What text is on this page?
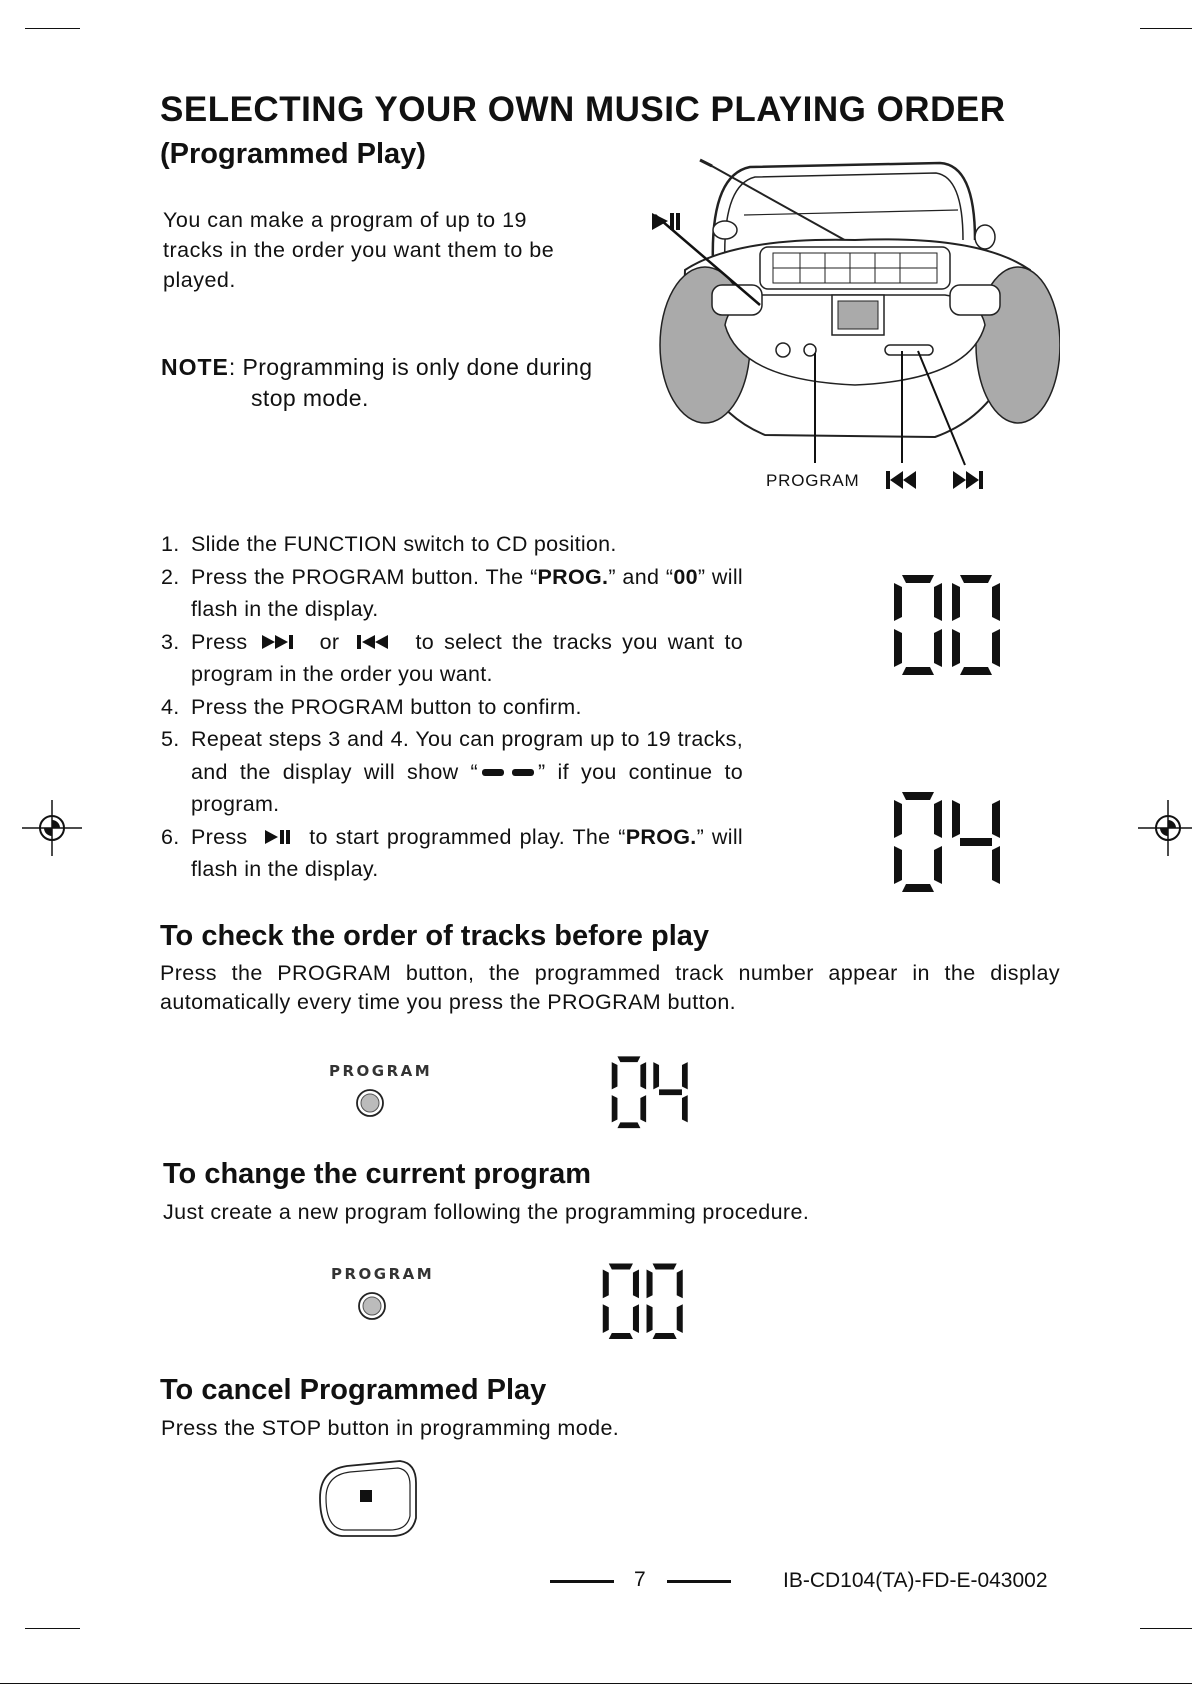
SELECTING YOUR OWN MUSIC PLAYING ORDER
(Programmed Play)
You can make a program of up to 19 tracks in the order you want them to be played.
NOTE: Programming is only done during
stop mode.
PROGRAM
1. Slide the FUNCTION switch to CD position.
2. Press the PROGRAM button. The “PROG.” and “00” will flash in the display.
3. Press	or	to select the tracks you want to program in the order you want.
4. Press the PROGRAM button to confirm.
5. Repeat steps 3 and 4. You can program up to 19 tracks, and the display will show “	” if you continue to program.
6. Press	to start programmed play. The “PROG.” will flash in the display.
To check the order of tracks before play
Press the PROGRAM button, the programmed track number appear in the display automatically every time you press the PROGRAM button.
PROGRAM
To change the current program
Just create a new program following the programming procedure.
PROGRAM
To cancel Programmed Play
Press the STOP button in programming mode.
7	IB-CD104(TA)-FD-E-043002
